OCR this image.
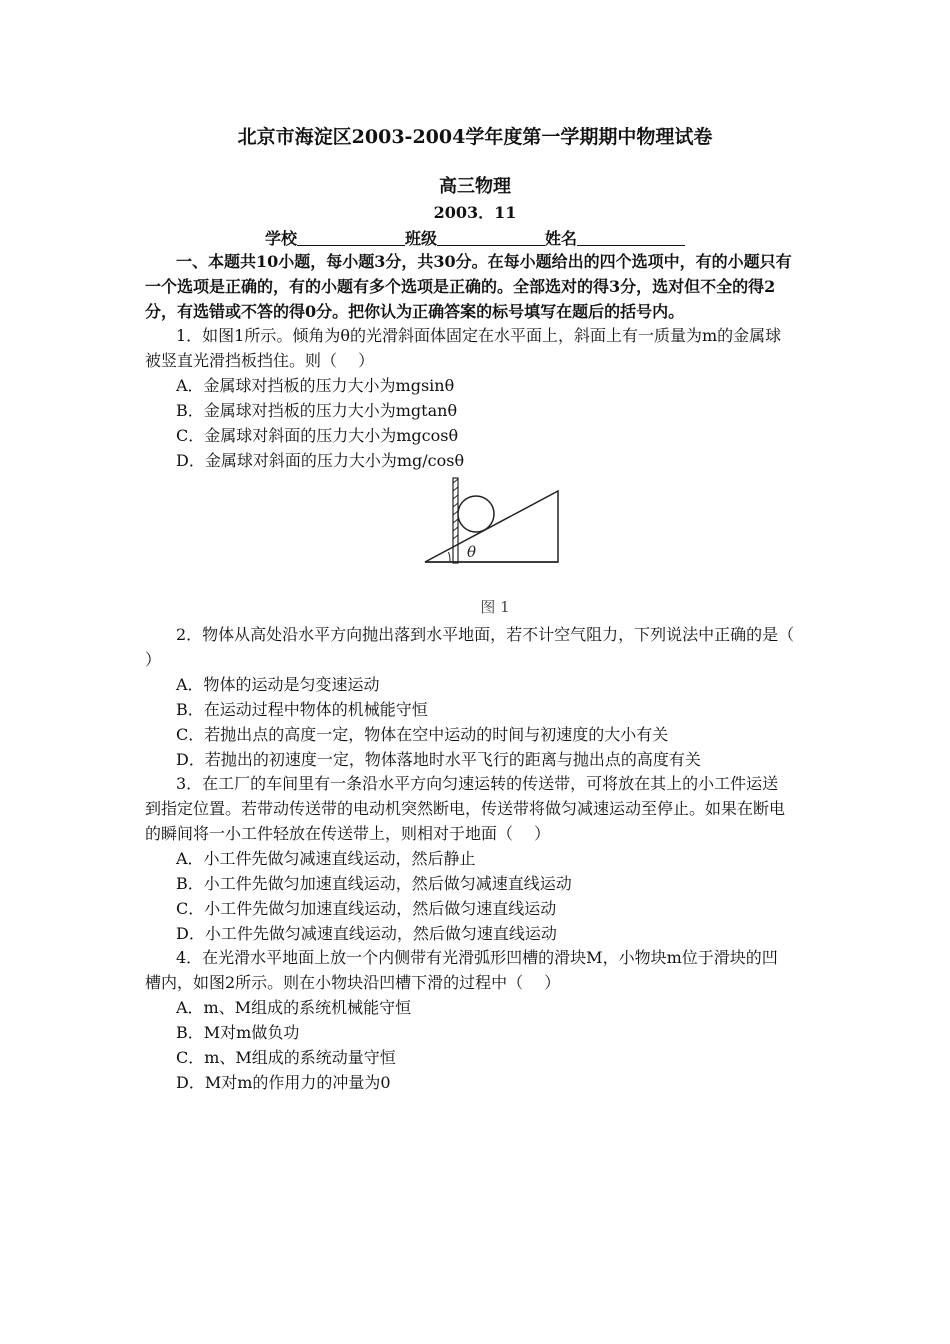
北京市海淀区2003-2004学年度第一学期期中物理试卷
高三物理
2003．11
学校	班级	姓名
一、本题共10小题，每小题3分，共30分。在每小题给出的四个选项中，有的小题只有
一个选项是正确的，有的小题有多个选项是正确的。全部选对的得3分，选对但不全的得2
分，有选错或不答的得0分。把你认为正确答案的标号填写在题后的括号内。
1．如图1所示。倾角为θ的光滑斜面体固定在水平面上，斜面上有一质量为m的金属球
被竖直光滑挡板挡住。则（　 ）
A．金属球对挡板的压力大小为mgsinθ
B．金属球对挡板的压力大小为mgtanθ
C．金属球对斜面的压力大小为mgcosθ
D．金属球对斜面的压力大小为mg/cosθ
θ
图 1
2．物体从高处沿水平方向抛出落到水平地面，若不计空气阻力，下列说法中正确的是（
）
A．物体的运动是匀变速运动
B．在运动过程中物体的机械能守恒
C．若抛出点的高度一定，物体在空中运动的时间与初速度的大小有关
D．若抛出的初速度一定，物体落地时水平飞行的距离与抛出点的高度有关
3．在工厂的车间里有一条沿水平方向匀速运转的传送带，可将放在其上的小工件运送
到指定位置。若带动传送带的电动机突然断电，传送带将做匀减速运动至停止。如果在断电
的瞬间将一小工件轻放在传送带上，则相对于地面（　 ）
A．小工件先做匀减速直线运动，然后静止
B．小工件先做匀加速直线运动，然后做匀减速直线运动
C．小工件先做匀加速直线运动，然后做匀速直线运动
D．小工件先做匀减速直线运动，然后做匀速直线运动
4．在光滑水平地面上放一个内侧带有光滑弧形凹槽的滑块M，小物块m位于滑块的凹
槽内，如图2所示。则在小物块沿凹槽下滑的过程中（　 ）
A．m、M组成的系统机械能守恒
B．M对m做负功
C．m、M组成的系统动量守恒
D．M对m的作用力的冲量为0
